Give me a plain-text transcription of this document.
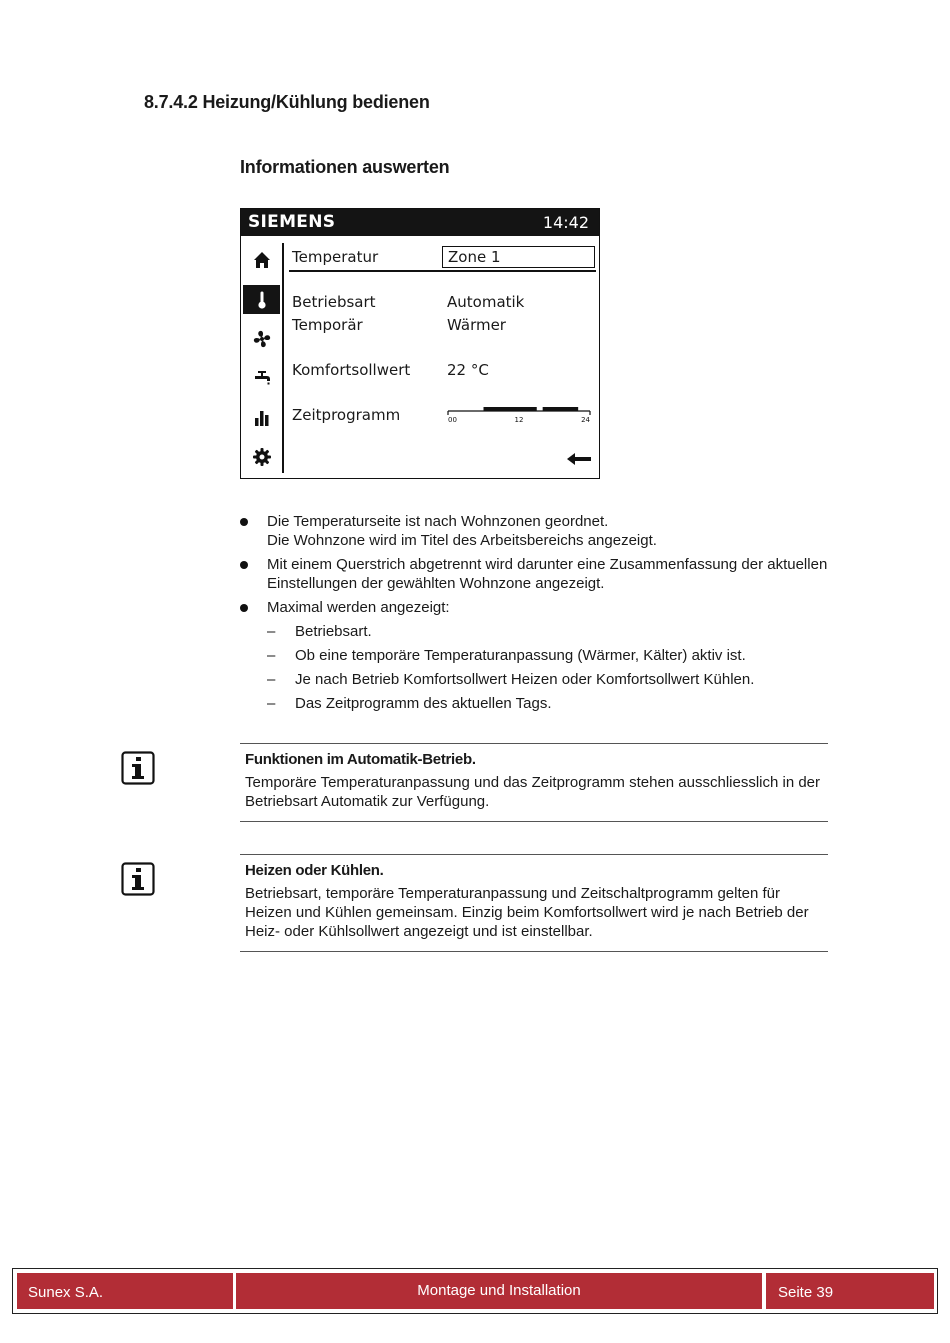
8.7.4.2 Heizung/Kühlung bedienen
Informationen auswerten
SIEMENS	14:42
Temperatur	Zone 1
Betriebsart	Automatik
Temporär	Wärmer
Komfortsollwert 22 °C
Zeitprogramm	00	12	24
Die Temperaturseite ist nach Wohnzonen geordnet.
Die Wohnzone wird im Titel des Arbeitsbereichs angezeigt.
Mit einem Querstrich abgetrennt wird darunter eine Zusammenfassung der aktuellen Einstellungen der gewählten Wohnzone angezeigt.
Maximal werden angezeigt:
– Betriebsart.
– Ob eine temporäre Temperaturanpassung (Wärmer, Kälter) aktiv ist.
– Je nach Betrieb Komfortsollwert Heizen oder Komfortsollwert Kühlen.
– Das Zeitprogramm des aktuellen Tags.
Funktionen im Automatik-Betrieb.
Temporäre Temperaturanpassung und das Zeitprogramm stehen ausschliesslich in der Betriebsart Automatik zur Verfügung.
Heizen oder Kühlen.
Betriebsart, temporäre Temperaturanpassung und Zeitschaltprogramm gelten für Heizen und Kühlen gemeinsam. Einzig beim Komfortsollwert wird je nach Betrieb der Heiz- oder Kühlsollwert angezeigt und ist einstellbar.
Sunex S.A.	Montage und Installation	Seite 39
